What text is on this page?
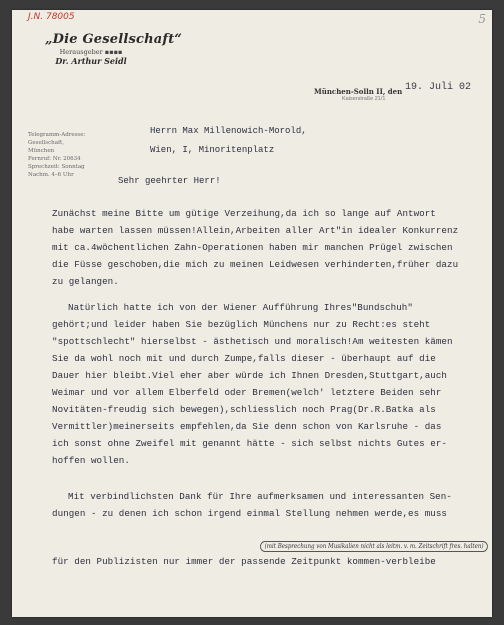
J.N. 78005	5
„Die Gesellschaft“
Herausgeber ▪▪▪▪
Dr. Arthur Seidl
München-Solln II, den 19. Juli 02
Kaiserstraße 21/1
Telegramm-Adresse:
Gesellschaft, München
Fernruf: Nr. 20634
Sprechzeit: Sonntag
Nachm. 4–6 Uhr
Herrn Max Millenowich-Morold,
Wien, I, Minoritenplatz
Sehr geehrter Herr!
Zunächst meine Bitte um gütige Verzeihung,da ich so lange auf Antwort
habe warten lassen müssen!Allein,Arbeiten aller Art"in idealer Konkurrenz
mit ca.4wöchentlichen Zahn-Operationen haben mir manchen Prügel zwischen
die Füsse geschoben,die mich zu meinen Leidwesen verhinderten,früher dazu
zu gelangen.
Natürlich hatte ich von der Wiener Aufführung Ihres"Bundschuh"
gehört;und leider haben Sie bezüglich Münchens nur zu Recht:es steht
"spottschlecht" hierselbst - ästhetisch und moralisch!Am weitesten kämen
Sie da wohl noch mit und durch Zumpe,falls dieser - überhaupt auf die
Dauer hier bleibt.Viel eher aber würde ich Ihnen Dresden,Stuttgart,auch
Weimar und vor allem Elberfeld oder Bremen(welch' letztere Beiden sehr
Novitäten-freudig sich bewegen),schliesslich noch Prag(Dr.R.Batka als
Vermittler)meinerseits empfehlen,da Sie denn schon von Karlsruhe - das
ich sonst ohne Zweifel mit genannt hätte - sich selbst nichts Gutes er-
hoffen wollen.
Mit verbindlichsten Dank für Ihre aufmerksamen und interessanten Sen-
dungen - zu denen ich schon irgend einmal Stellung nehmen werde,es muss
für den Publizisten nur immer der passende Zeitpunkt kommen-verbleibe
(mit Besprechung von Musikalien nicht als leitm. v. m. Zeitschrift fres. halten)
